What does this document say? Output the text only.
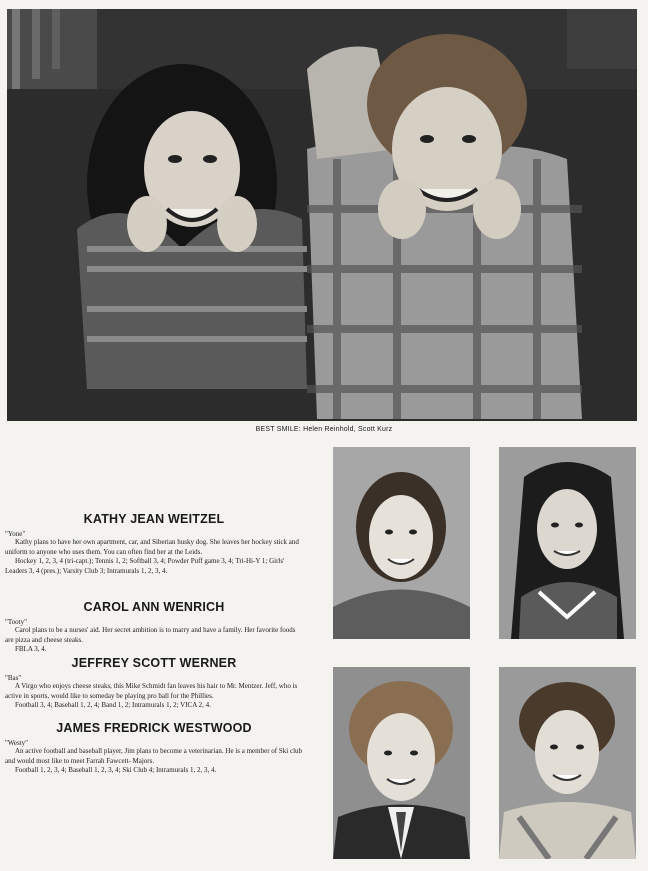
BEST SMILE: Helen Reinhold, Scott Kurz
KATHY JEAN WEITZEL
"Yone"

Kathy plans to have her own apartment, car, and Siberian husky dog. She leaves her hockey stick and uniform to anyone who uses them. You can often find her at the Leids.

Hockey 1, 2, 3, 4 (tri-capt.); Tennis 1, 2; Softball 3, 4; Powder Puff game 3, 4; Tri-Hi-Y 1; Girls' Leaders 3, 4 (pres.); Varsity Club 3; Intramurals 1, 2, 3, 4.

CAROL ANN WENRICH
"Tooty"

Carol plans to be a nurses' aid. Her secret ambition is to marry and have a family. Her favorite foods are pizza and cheese steaks.

FBLA 3, 4.

JEFFREY SCOTT WERNER
"Bas"

A Virgo who enjoys cheese steaks, this Mike Schmidt fan leaves his hair to Mr. Mentzer. Jeff, who is active in sports, would like to someday be playing pro ball for the Phillies.

Football 3, 4; Baseball 1, 2, 4; Band 1, 2; Intramurals 1, 2; VICA 2, 4.

JAMES FREDRICK WESTWOOD
"Westy"

An active football and baseball player, Jim plans to become a veterinarian. He is a member of Ski club and would most like to meet Farrah Fawcett- Majors.

Football 1, 2, 3, 4; Baseball 1, 2, 3, 4; Ski Club 4; Intramurals 1, 2, 3, 4.
